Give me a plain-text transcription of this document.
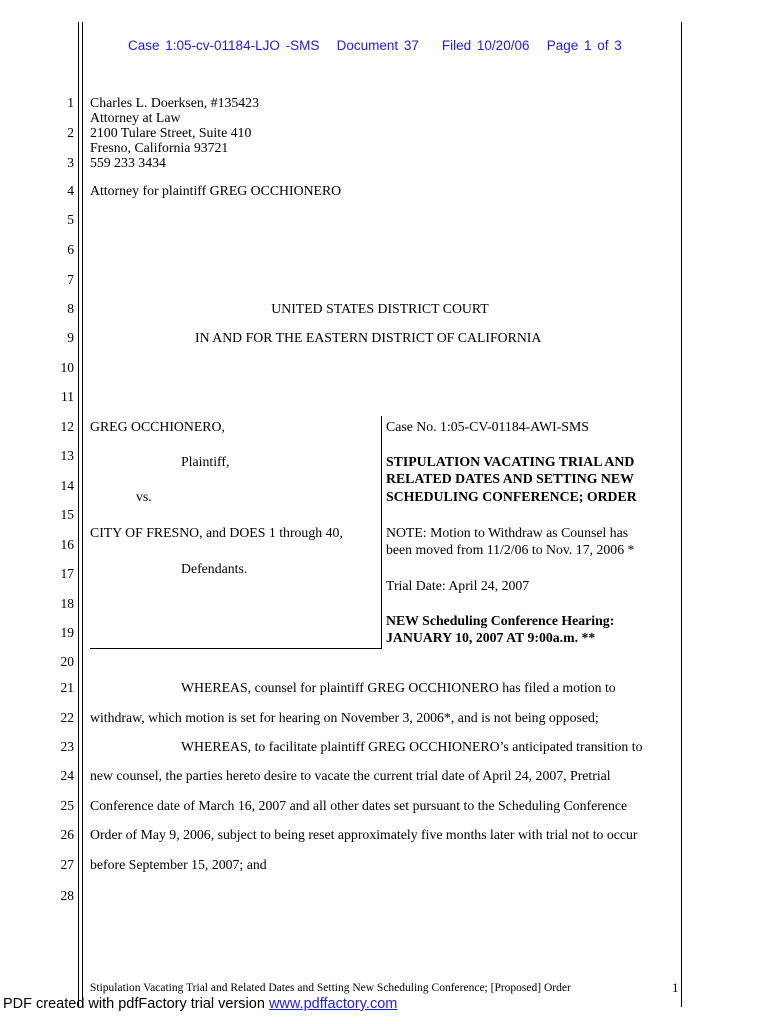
Case 1:05-cv-01184-LJO -SMS Document 37 Filed 10/20/06 Page 1 of 3
1
2
3
4
5
6
7
8
9
10
11
12
13
14
15
16
17
18
19
20
21
22
23
24
25
26
27
28
Charles L. Doerksen, #135423
Attorney at Law
2100 Tulare Street, Suite 410
Fresno, California 93721
559 233 3434
Attorney for plaintiff GREG OCCHIONERO
UNITED STATES DISTRICT COURT
IN AND FOR THE EASTERN DISTRICT OF CALIFORNIA
GREG OCCHIONERO,
Plaintiff,
vs.
CITY OF FRESNO, and DOES 1 through 40,
Defendants.
Case No. 1:05-CV-01184-AWI-SMS
STIPULATION VACATING TRIAL AND
RELATED DATES AND SETTING NEW
SCHEDULING CONFERENCE; ORDER
NOTE: Motion to Withdraw as Counsel has
been moved from 11/2/06 to Nov. 17, 2006 *
Trial Date: April 24, 2007
NEW Scheduling Conference Hearing:
JANUARY 10, 2007 AT 9:00a.m. **
WHEREAS, counsel for plaintiff GREG OCCHIONERO has filed a motion to
withdraw, which motion is set for hearing on November 3, 2006*, and is not being opposed;
WHEREAS, to facilitate plaintiff GREG OCCHIONERO’s anticipated transition to
new counsel, the parties hereto desire to vacate the current trial date of April 24, 2007, Pretrial
Conference date of March 16, 2007 and all other dates set pursuant to the Scheduling Conference
Order of May 9, 2006, subject to being reset approximately five months later with trial not to occur
before September 15, 2007; and
Stipulation Vacating Trial and Related Dates and Setting New Scheduling Conference; [Proposed] Order	1
PDF created with pdfFactory trial version www.pdffactory.com
